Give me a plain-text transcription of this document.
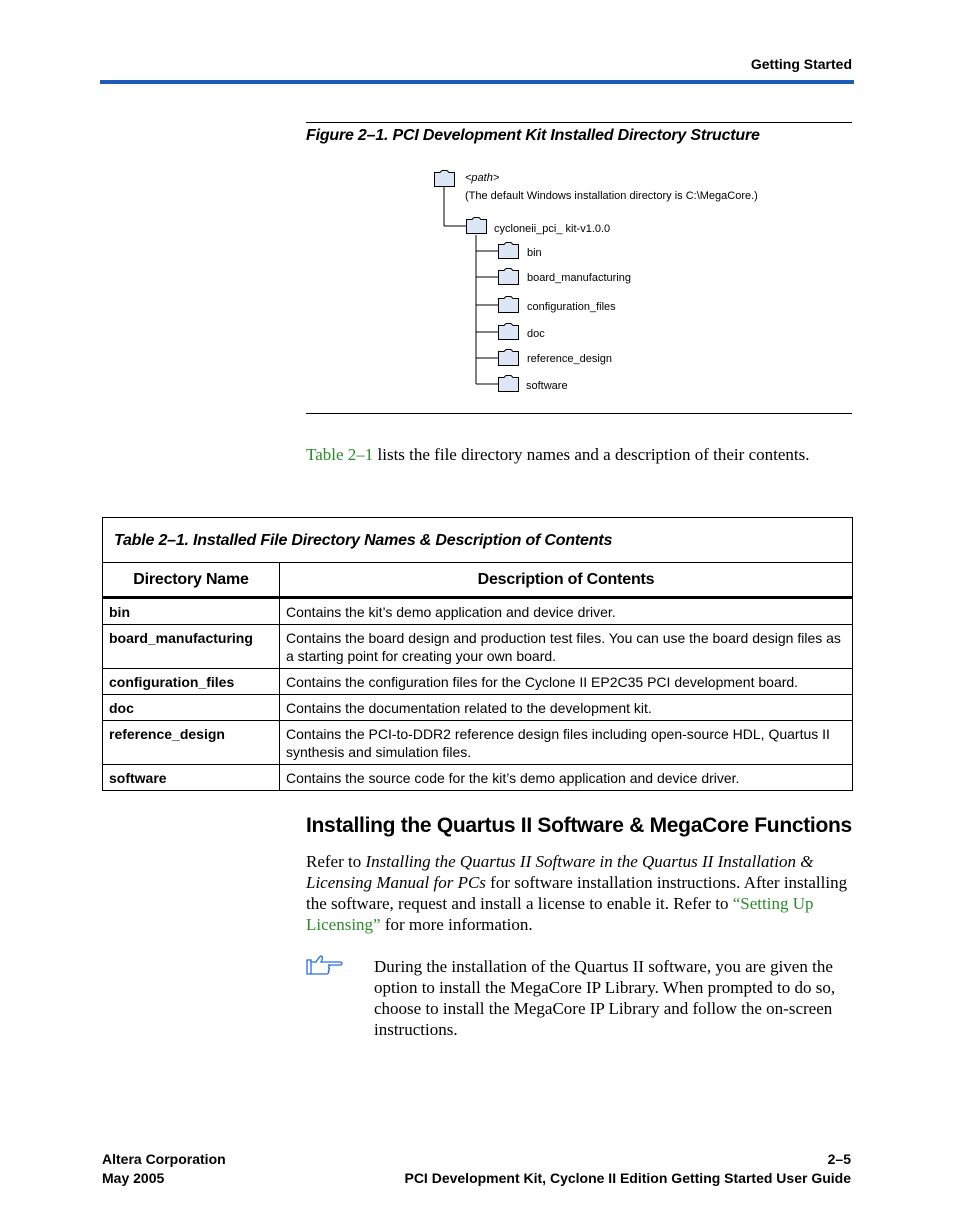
Getting Started
Figure 2–1. PCI Development Kit Installed Directory Structure
<path>
(The default Windows installation directory is C:\MegaCore.)
cycloneii_pci_ kit-v1.0.0
bin
board_manufacturing
configuration_files
doc
reference_design
software
Table 2–1 lists the file directory names and a description of their contents.
Table 2–1. Installed File Directory Names & Description of Contents	
Directory Name	Description of Contents
bin	Contains the kit’s demo application and device driver.
board_manufacturing	Contains the board design and production test files. You can use the board design files as a starting point for creating your own board.
configuration_files	Contains the configuration files for the Cyclone II EP2C35 PCI development board.
doc	Contains the documentation related to the development kit.
reference_design	Contains the PCI-to-DDR2 reference design files including open-source HDL, Quartus II synthesis and simulation files.
software	Contains the source code for the kit’s demo application and device driver.
Installing the Quartus II Software & MegaCore Functions
Refer to Installing the Quartus II Software in the Quartus II Installation & Licensing Manual for PCs for software installation instructions. After installing the software, request and install a license to enable it. Refer to “Setting Up Licensing” for more information.
During the installation of the Quartus II software, you are given the option to install the MegaCore IP Library. When prompted to do so, choose to install the MegaCore IP Library and follow the on-screen instructions.
Altera Corporation
May 2005
2–5
PCI Development Kit, Cyclone II Edition Getting Started User Guide
